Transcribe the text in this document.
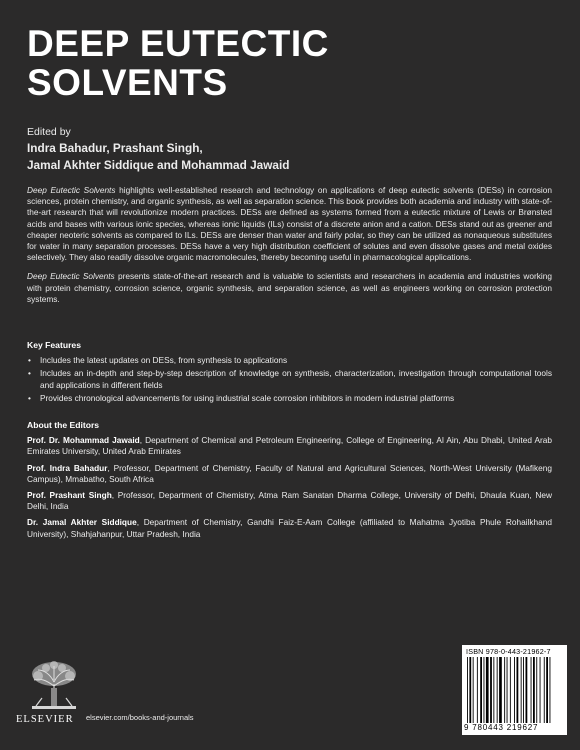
DEEP EUTECTIC
SOLVENTS
Edited by
Indra Bahadur, Prashant Singh,
Jamal Akhter Siddique and Mohammad Jawaid

Deep Eutectic Solvents highlights well-established research and technology on applications of deep eutectic solvents (DESs) in corrosion sciences, protein chemistry, and organic synthesis, as well as separation science. This book provides both academia and industry with state-of-the-art research that will revolutionize modern practices. DESs are defined as systems formed from a eutectic mixture of Lewis or Brønsted acids and bases with various ionic species, whereas ionic liquids (ILs) consist of a discrete anion and a cation. DESs stand out as greener and cheaper neoteric solvents as compared to ILs. DESs are denser than water and fairly polar, so they can be utilized as nonaqueous substitutes for water in many separation processes. DESs have a very high distribution coefficient of solutes and even dissolve gases and metal oxides selectively. They also readily dissolve organic macromolecules, thereby becoming useful in pharmacological applications.

Deep Eutectic Solvents presents state-of-the-art research and is valuable to scientists and researchers in academia and industries working with protein chemistry, corrosion science, organic synthesis, and separation science, as well as engineers working on corrosion protection systems.

Key Features
• Includes the latest updates on DESs, from synthesis to applications
• Includes an in-depth and step-by-step description of knowledge on synthesis, characterization, investigation through computational tools and applications in different fields
• Provides chronological advancements for using industrial scale corrosion inhibitors in modern industrial platforms
About the Editors
Prof. Dr. Mohammad Jawaid, Department of Chemical and Petroleum Engineering, College of Engineering, Al Ain, Abu Dhabi, United Arab Emirates University, United Arab Emirates
Prof. Indra Bahadur, Professor, Department of Chemistry, Faculty of Natural and Agricultural Sciences, North-West University (Mafikeng Campus), Mmabatho, South Africa
Prof. Prashant Singh, Professor, Department of Chemistry, Atma Ram Sanatan Dharma College, University of Delhi, Dhaula Kuan, New Delhi, India
Dr. Jamal Akhter Siddique, Department of Chemistry, Gandhi Faiz-E-Aam College (affiliated to Mahatma Jyotiba Phule Rohailkhand University), Shahjahanpur, Uttar Pradesh, India
ELSEVIER elsevier.com/books-and-journals
ISBN 978-0-443-21962-7
9 780443 219627
